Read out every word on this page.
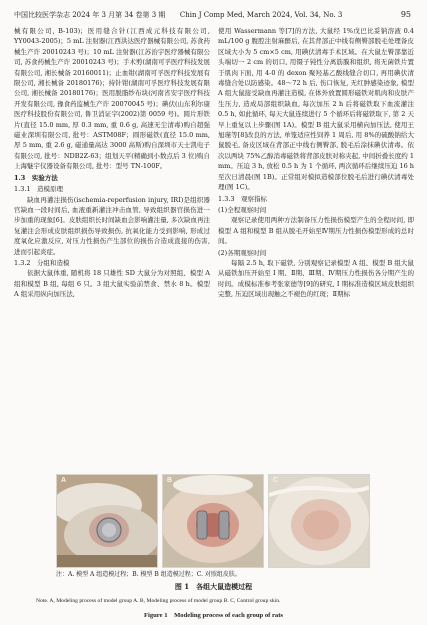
中国比较医学杂志 2024 年 3 月第 34 卷第 3 期 Chin J Comp Med, March 2024, Vol. 34, No. 3	95

械有限公司, B-103)；医用缝合针(江西成元科技有限公司, YY0043-2005)；5 mL 注射器(江西洪达医疗器械有限公司, 苏食药械生产许 20010243 号)；10 mL 注射器(江苏治宇医疗器械有限公司, 苏食药械生产许 20010243 号)；手术剪(湖南可孚医疗科技发展有限公司, 湘长械备 20160011)；止血钳(湖南可孚医疗科技发展有限公司, 湘长械备 20180176)；持针钳(湖南可孚医疗科技发展有限公司, 湘长械备 20180176)；医用脱脂纱布块(河南省安宇医疗科技开发有限公司, 豫食药监械生产许 20070045 号)；碘伏(山东利尔康医疗科技股份有限公司, 鲁卫消证字(2002)第 0059 号)。圆片形铁片(直径 15.0 mm, 厚 0.3 mm, 重 0.6 g, 高速无尘清毒)购自超强磁业深圳有限公司, 批号：ASTM08F；圆形磁铁(直径 15.0 mm, 厚 5 mm, 重 2.6 g, 磁通量高达 3000 高斯)购自深圳市天士凯电子有限公司, 批号：NDB2Z-63；组划天平(精确到小数点后 3 位)购自上海魅宇仪器设备有限公司, 批号：型号 TN-100F。

1.3　实验方法

1.3.1　造模原理

缺血再灌注损伤(ischemia-reperfusion injury, IRI)是组织器官缺血一段时间后, 血液重新灌注冲击血管, 导致组织器官损伤进一步加重的现象[6]。皮肤组织长时间缺血会影响灌注量, 多次缺血再注复灌注会形成皮肤组织损伤导致损伤, 抗氧化能力受到影响, 形成过度氧化应激反应, 对压力性损伤产生部位的损伤合造成直接的伤害, 进而引起炎症。

1.3.2　分组和造模

依据大鼠体重, 随机将 18 只雄性 SD 大鼠分为对照组、模型 A 组和模型 B 组, 每组 6 只。3 组大鼠实验前禁食、禁水 8 h。模型 A 组采用纵向加压法,

使用 Wassermann 等[7]的方法, 大鼠经 1%戊巴比妥钠溶液 0.4 mL/100 g 腹腔注射麻醉后, 在其背部正中线有侧臀部脱毛处理备皮区域大小为 5 cm×5 cm, 用碘伏清毒手术区域。在大鼠左臀部靠近头端切一 2 cm 的切口, 用镊子钝性分离筋膜和组织, 将无菌铁片置于肌肉下面, 用 4-0 的 dexon 聚羟基乙酸线缝合切口, 再用碘伏清毒缝合处以防感染。48～72 h 后, 伤口恢复, 无红肿感染迹象, 模型 A 组大鼠接受缺血再灌注造模, 在体外放置圆形磁铁对肌肉和皮肤产生压力, 造成局部组织缺血, 每次加压 2 h 后将磁铁取下血流灌注 0.5 h, 如此循环, 每天大鼠连续进行 5 个循环后将磁铁取下, 第 2 天早上重复以上步骤(图 1A)。模型 B 组大鼠采用横向加压法, 使用王旭瑾等[8]改良的方法, 单笼适应性饲养 1 周后, 用 8%的硫酸钠给大鼠脱毛, 备皮区域在背部正中线右侧臀部, 脱毛后涂抹碘伏清毒。依次以两块 75%乙醇消毒磁铁将背部皮肤对称夹起, 中间折叠长度约 1 mm。压迫 3 h, 放松 0.5 h 为 1 个循环, 两次循环后继续压迫 16 h 至次日清晨(图 1B)。正常组对模拟造模部位脱毛后进行碘伏清毒处理(图 1C)。

1.3.3　观察指标

(1)全程观察时间

观察记录使用两种方法制备压力性损伤模型产生的全程时间, 即模型 A 组和模型 B 组从脱毛开始至Ⅳ期压力性损伤模型形成的总时间。

(2)各期观察时间

每隔 2.5 h, 取下磁铁, 分别观察记录模型 A 组、模型 B 组大鼠从磁铁加压开始至 I 期、Ⅱ期、Ⅲ期、Ⅳ期压力性损伤各分期产生的时间。成模标准参考张家德等[9]的研究, I 期标准造模区域皮肤组织完整, 压迫区域出现触之不褪色的红斑；Ⅱ期标

A	B	C
注：A. 模型 A 组造模过程；B. 模型 B 组造模过程；C. 对照组皮肤。
图 1　各组大鼠造模过程
Note. A, Modeling process of model group A. B, Modeling process of model group B. C, Control group skin.
Figure 1　Modeling process of each group of rats
